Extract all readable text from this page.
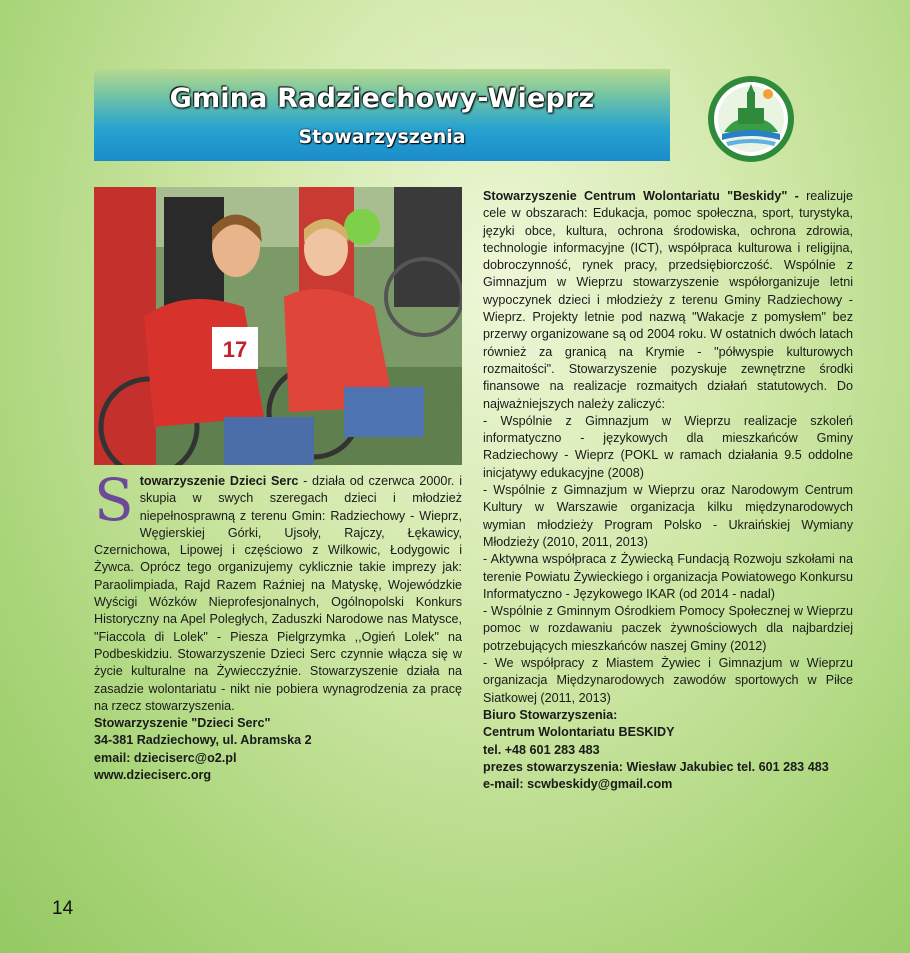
Gmina Radziechowy-Wieprz
Stowarzyszenia
17
S towarzyszenie Dzieci Serc - działa od czerwca 2000r. i skupia w swych szeregach dzieci i młodzież niepełnosprawną z terenu Gmin: Radziechowy - Wieprz, Węgierskiej Górki, Ujsoły, Rajczy, Łękawicy, Czernichowa, Lipowej i częściowo z Wilkowic, Łodygowic i Żywca. Oprócz tego organizujemy cyklicznie takie imprezy jak: Paraolimpiada, Rajd Razem Raźniej na Matyskę, Wojewódzkie Wyścigi Wózków Nieprofesjonalnych, Ogólnopolski Konkurs Historyczny na Apel Poległych, Zaduszki Narodowe nas Matysce, "Fiaccola di Lolek" - Piesza Pielgrzymka ,,Ogień Lolek" na Podbeskidziu. Stowarzyszenie Dzieci Serc czynnie włącza się w życie kulturalne na Żywiecczyźnie. Stowarzyszenie działa na zasadzie wolontariatu - nikt nie pobiera wynagrodzenia za pracę na rzecz stowarzyszenia.

Stowarzyszenie "Dzieci Serc"

34-381 Radziechowy, ul. Abramska 2

email: dzieciserc@o2.pl

www.dzieciserc.org

Stowarzyszenie Centrum Wolontariatu "Beskidy" - realizuje cele w obszarach: Edukacja, pomoc społeczna, sport, turystyka, języki obce, kultura, ochrona środowiska, ochrona zdrowia, technologie informacyjne (ICT), współpraca kulturowa i religijna, dobroczynność, rynek pracy, przedsiębiorczość. Wspólnie z Gimnazjum w Wieprzu stowarzyszenie współorganizuje letni wypoczynek dzieci i młodzieży z terenu Gminy Radziechowy - Wieprz. Projekty letnie pod nazwą "Wakacje z pomysłem" bez przerwy organizowane są od 2004 roku. W ostatnich dwóch latach również za granicą na Krymie - "półwyspie kulturowych rozmaitości". Stowarzyszenie pozyskuje zewnętrzne środki finansowe na realizacje rozmaitych działań statutowych. Do najważniejszych należy zaliczyć:

- Wspólnie z Gimnazjum w Wieprzu realizacje szkoleń informatyczno - językowych dla mieszkańców Gminy Radziechowy - Wieprz (POKL w ramach działania 9.5 oddolne inicjatywy edukacyjne (2008)

- Wspólnie z Gimnazjum w Wieprzu oraz Narodowym Centrum Kultury w Warszawie organizacja kilku międzynarodowych wymian młodzieży Program Polsko - Ukraińskiej Wymiany Młodzieży (2010, 2011, 2013)

- Aktywna współpraca z Żywiecką Fundacją Rozwoju szkołami na terenie Powiatu Żywieckiego i organizacja Powiatowego Konkursu Informatyczno - Językowego IKAR (od 2014 - nadal)

- Wspólnie z Gminnym Ośrodkiem Pomocy Społecznej w Wieprzu pomoc w rozdawaniu paczek żywnościowych dla najbardziej potrzebujących mieszkańców naszej Gminy (2012)

- We współpracy z Miastem Żywiec i Gimnazjum w Wieprzu organizacja Międzynarodowych zawodów sportowych w Piłce Siatkowej (2011, 2013)

Biuro Stowarzyszenia:

Centrum Wolontariatu BESKIDY

tel. +48 601 283 483

prezes stowarzyszenia: Wiesław Jakubiec tel. 601 283 483

e-mail: scwbeskidy@gmail.com

14
